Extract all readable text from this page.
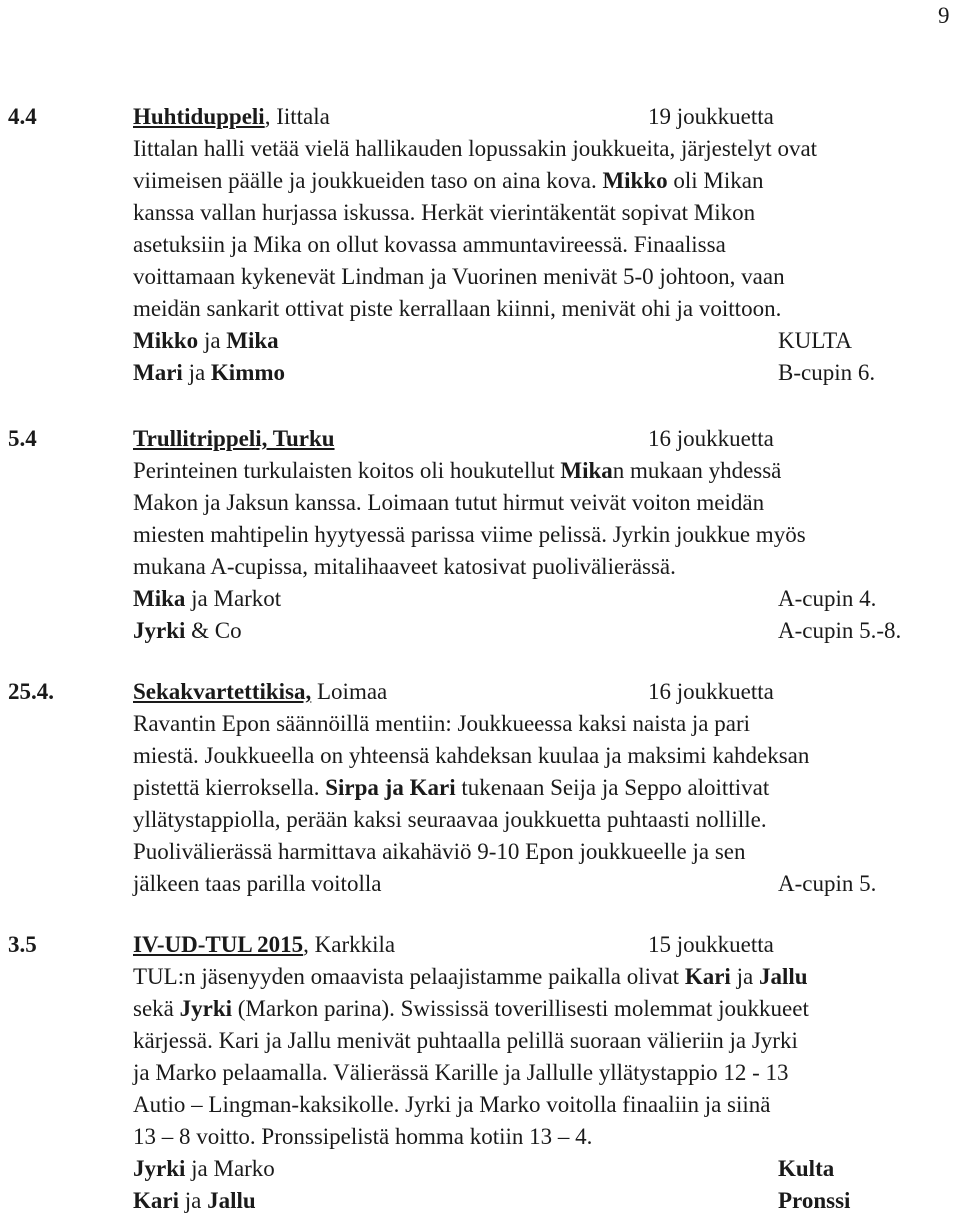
9
4.4	Huhtiduppeli, Iittala	19 joukkuetta
Iittalan halli vetää vielä hallikauden lopussakin joukkueita, järjestelyt ovat
viimeisen päälle ja joukkueiden taso on aina kova. Mikko oli Mikan
kanssa vallan hurjassa iskussa. Herkät vierintäkentät sopivat Mikon
asetuksiin ja Mika on ollut kovassa ammuntavireessä. Finaalissa
voittamaan kykenevät Lindman ja Vuorinen menivät 5-0 johtoon, vaan
meidän sankarit ottivat piste kerrallaan kiinni, menivät ohi ja voittoon.
Mikko ja Mika	KULTA
Mari ja Kimmo	B-cupin 6.
5.4	Trullitrippeli, Turku	16 joukkuetta
Perinteinen turkulaisten koitos oli houkutellut Mikan mukaan yhdessä
Makon ja Jaksun kanssa. Loimaan tutut hirmut veivät voiton meidän
miesten mahtipelin hyytyessä parissa viime pelissä. Jyrkin joukkue myös
mukana A-cupissa, mitalihaaveet katosivat puolivälierässä.
Mika ja Markot	A-cupin 4.
Jyrki & Co	A-cupin 5.-8.
25.4.	Sekakvartettikisa, Loimaa	16 joukkuetta
Ravantin Epon säännöillä mentiin: Joukkueessa kaksi naista ja pari
miestä. Joukkueella on yhteensä kahdeksan kuulaa ja maksimi kahdeksan
pistettä kierroksella. Sirpa ja Kari tukenaan Seija ja Seppo aloittivat
yllätystappiolla, perään kaksi seuraavaa joukkuetta puhtaasti nollille.
Puolivälierässä harmittava aikahäviö 9-10 Epon joukkueelle ja sen
jälkeen taas parilla voitolla	A-cupin 5.
3.5	IV-UD-TUL 2015, Karkkila	15 joukkuetta
TUL:n jäsenyyden omaavista pelaajistamme paikalla olivat Kari ja Jallu
sekä Jyrki (Markon parina). Swississä toverillisesti molemmat joukkueet
kärjessä. Kari ja Jallu menivät puhtaalla pelillä suoraan välieriin ja Jyrki
ja Marko pelaamalla. Välierässä Karille ja Jallulle yllätystappio 12 - 13
Autio – Lingman-kaksikolle. Jyrki ja Marko voitolla finaaliin ja siinä
13 – 8 voitto. Pronssipelistä homma kotiin 13 – 4.
Jyrki ja Marko	Kulta
Kari ja Jallu	Pronssi
